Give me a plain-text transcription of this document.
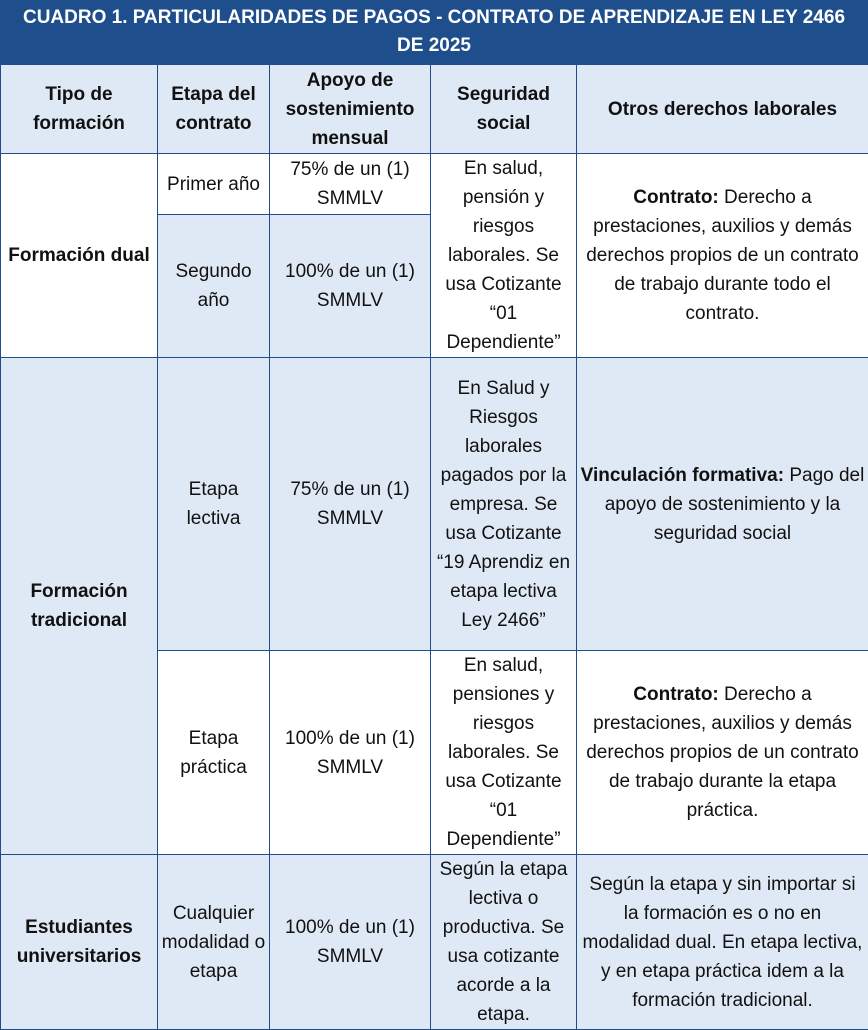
CUADRO 1. PARTICULARIDADES DE PAGOS - CONTRATO DE APRENDIZAJE EN LEY 2466
DE 2025
Tipo de formación	Etapa del contrato	Apoyo de sostenimiento mensual	Seguridad social	Otros derechos laborales
Formación dual	Primer año	75% de un (1) SMMLV	En salud, pensión y riesgos laborales. Se usa Cotizante “01 Dependiente”	Contrato: Derecho a prestaciones, auxilios y demás derechos propios de un contrato de trabajo durante todo el contrato.
	Segundo año	100% de un (1) SMMLV		
Formación tradicional	Etapa lectiva	75% de un (1) SMMLV	En Salud y Riesgos laborales pagados por la empresa. Se usa Cotizante “19 Aprendiz en etapa lectiva Ley 2466”	Vinculación formativa: Pago del apoyo de sostenimiento y la seguridad social
	Etapa práctica	100% de un (1) SMMLV	En salud, pensiones y riesgos laborales. Se usa Cotizante “01 Dependiente”	Contrato: Derecho a prestaciones, auxilios y demás derechos propios de un contrato de trabajo durante la etapa práctica.
Estudiantes universitarios	Cualquier modalidad o etapa	100% de un (1) SMMLV	Según la etapa lectiva o productiva. Se usa cotizante acorde a la etapa.	Según la etapa y sin importar si la formación es o no en modalidad dual. En etapa lectiva, y en etapa práctica idem a la formación tradicional.
